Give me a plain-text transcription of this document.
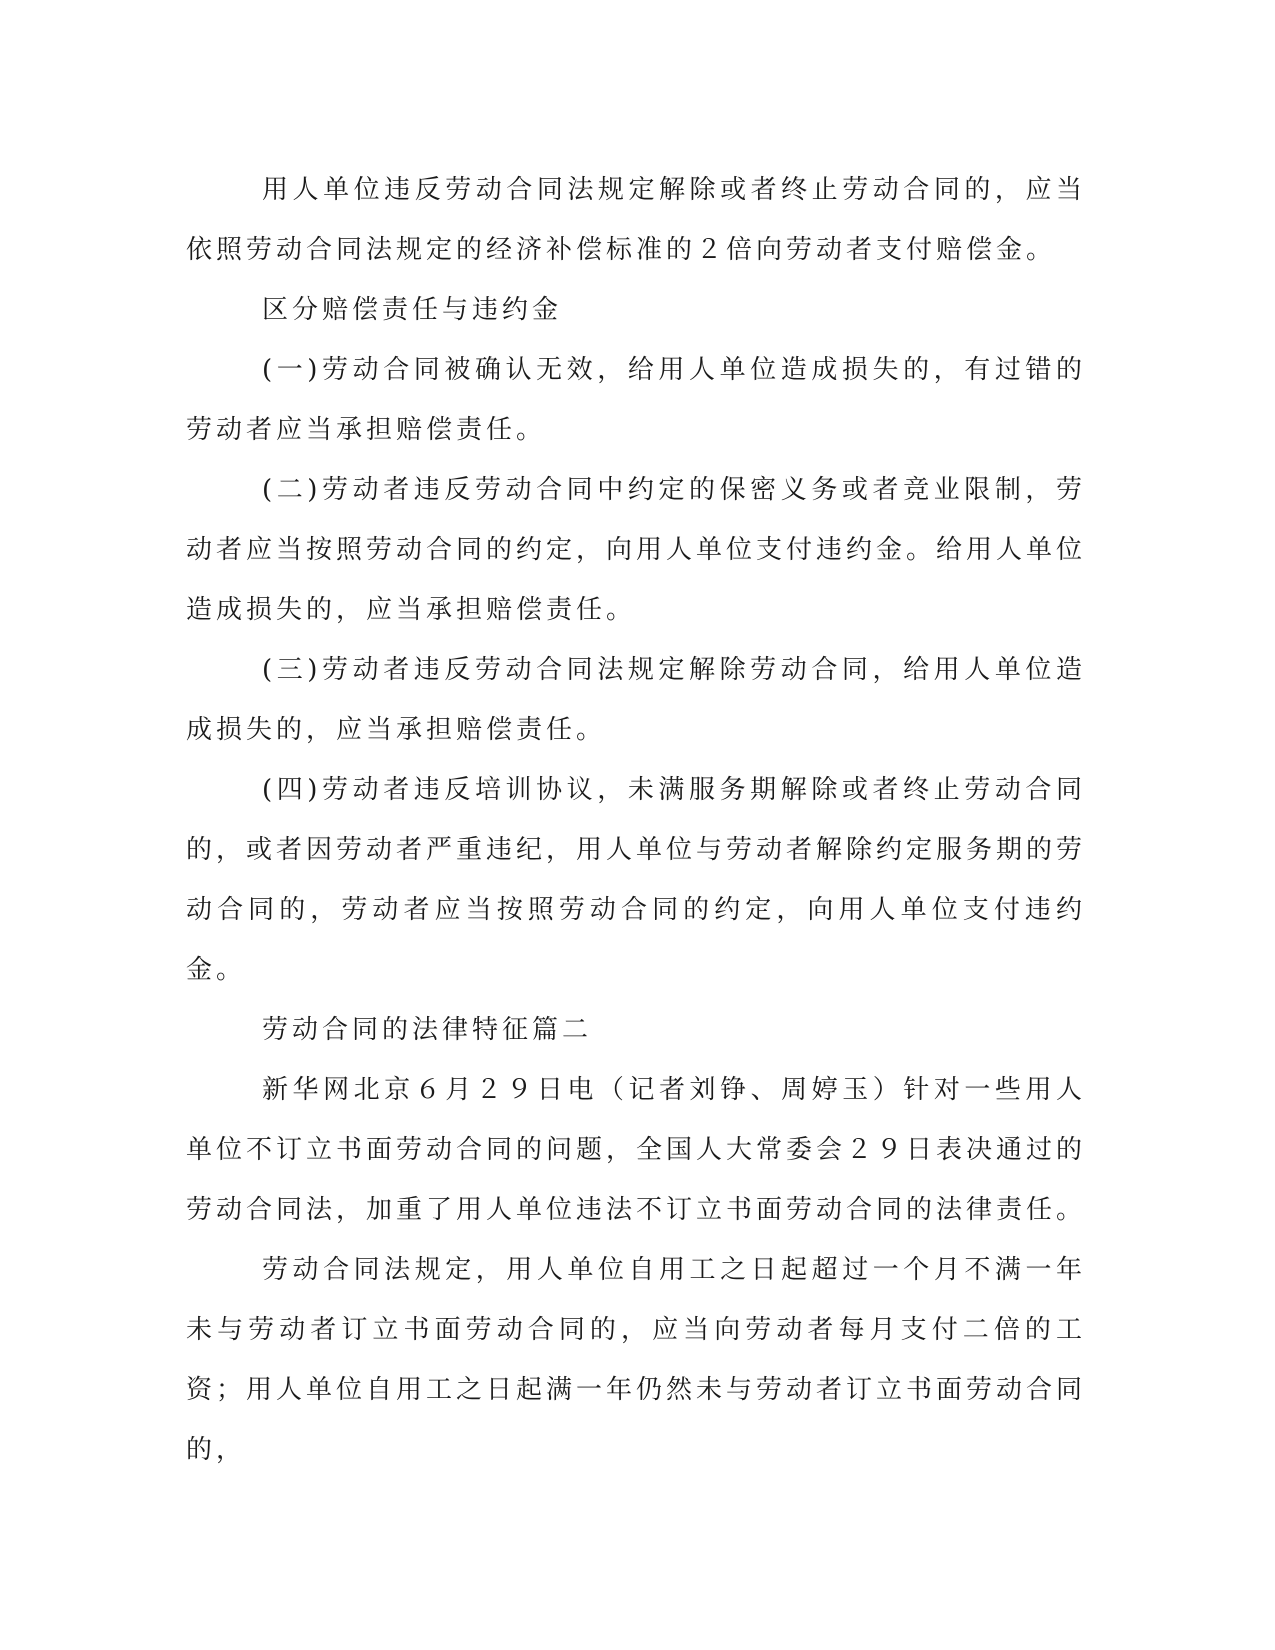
用人单位违反劳动合同法规定解除或者终止劳动合同的，应当依照劳动合同法规定的经济补偿标准的２倍向劳动者支付赔偿金。

区分赔偿责任与违约金

(一)劳动合同被确认无效，给用人单位造成损失的，有过错的劳动者应当承担赔偿责任。

(二)劳动者违反劳动合同中约定的保密义务或者竞业限制，劳动者应当按照劳动合同的约定，向用人单位支付违约金。给用人单位造成损失的，应当承担赔偿责任。

(三)劳动者违反劳动合同法规定解除劳动合同，给用人单位造成损失的，应当承担赔偿责任。

(四)劳动者违反培训协议，未满服务期解除或者终止劳动合同的，或者因劳动者严重违纪，用人单位与劳动者解除约定服务期的劳动合同的，劳动者应当按照劳动合同的约定，向用人单位支付违约金。

劳动合同的法律特征篇二

新华网北京６月２９日电（记者刘铮、周婷玉）针对一些用人单位不订立书面劳动合同的问题，全国人大常委会２９日表决通过的劳动合同法，加重了用人单位违法不订立书面劳动合同的法律责任。

劳动合同法规定，用人单位自用工之日起超过一个月不满一年未与劳动者订立书面劳动合同的，应当向劳动者每月支付二倍的工资；用人单位自用工之日起满一年仍然未与劳动者订立书面劳动合同的，
